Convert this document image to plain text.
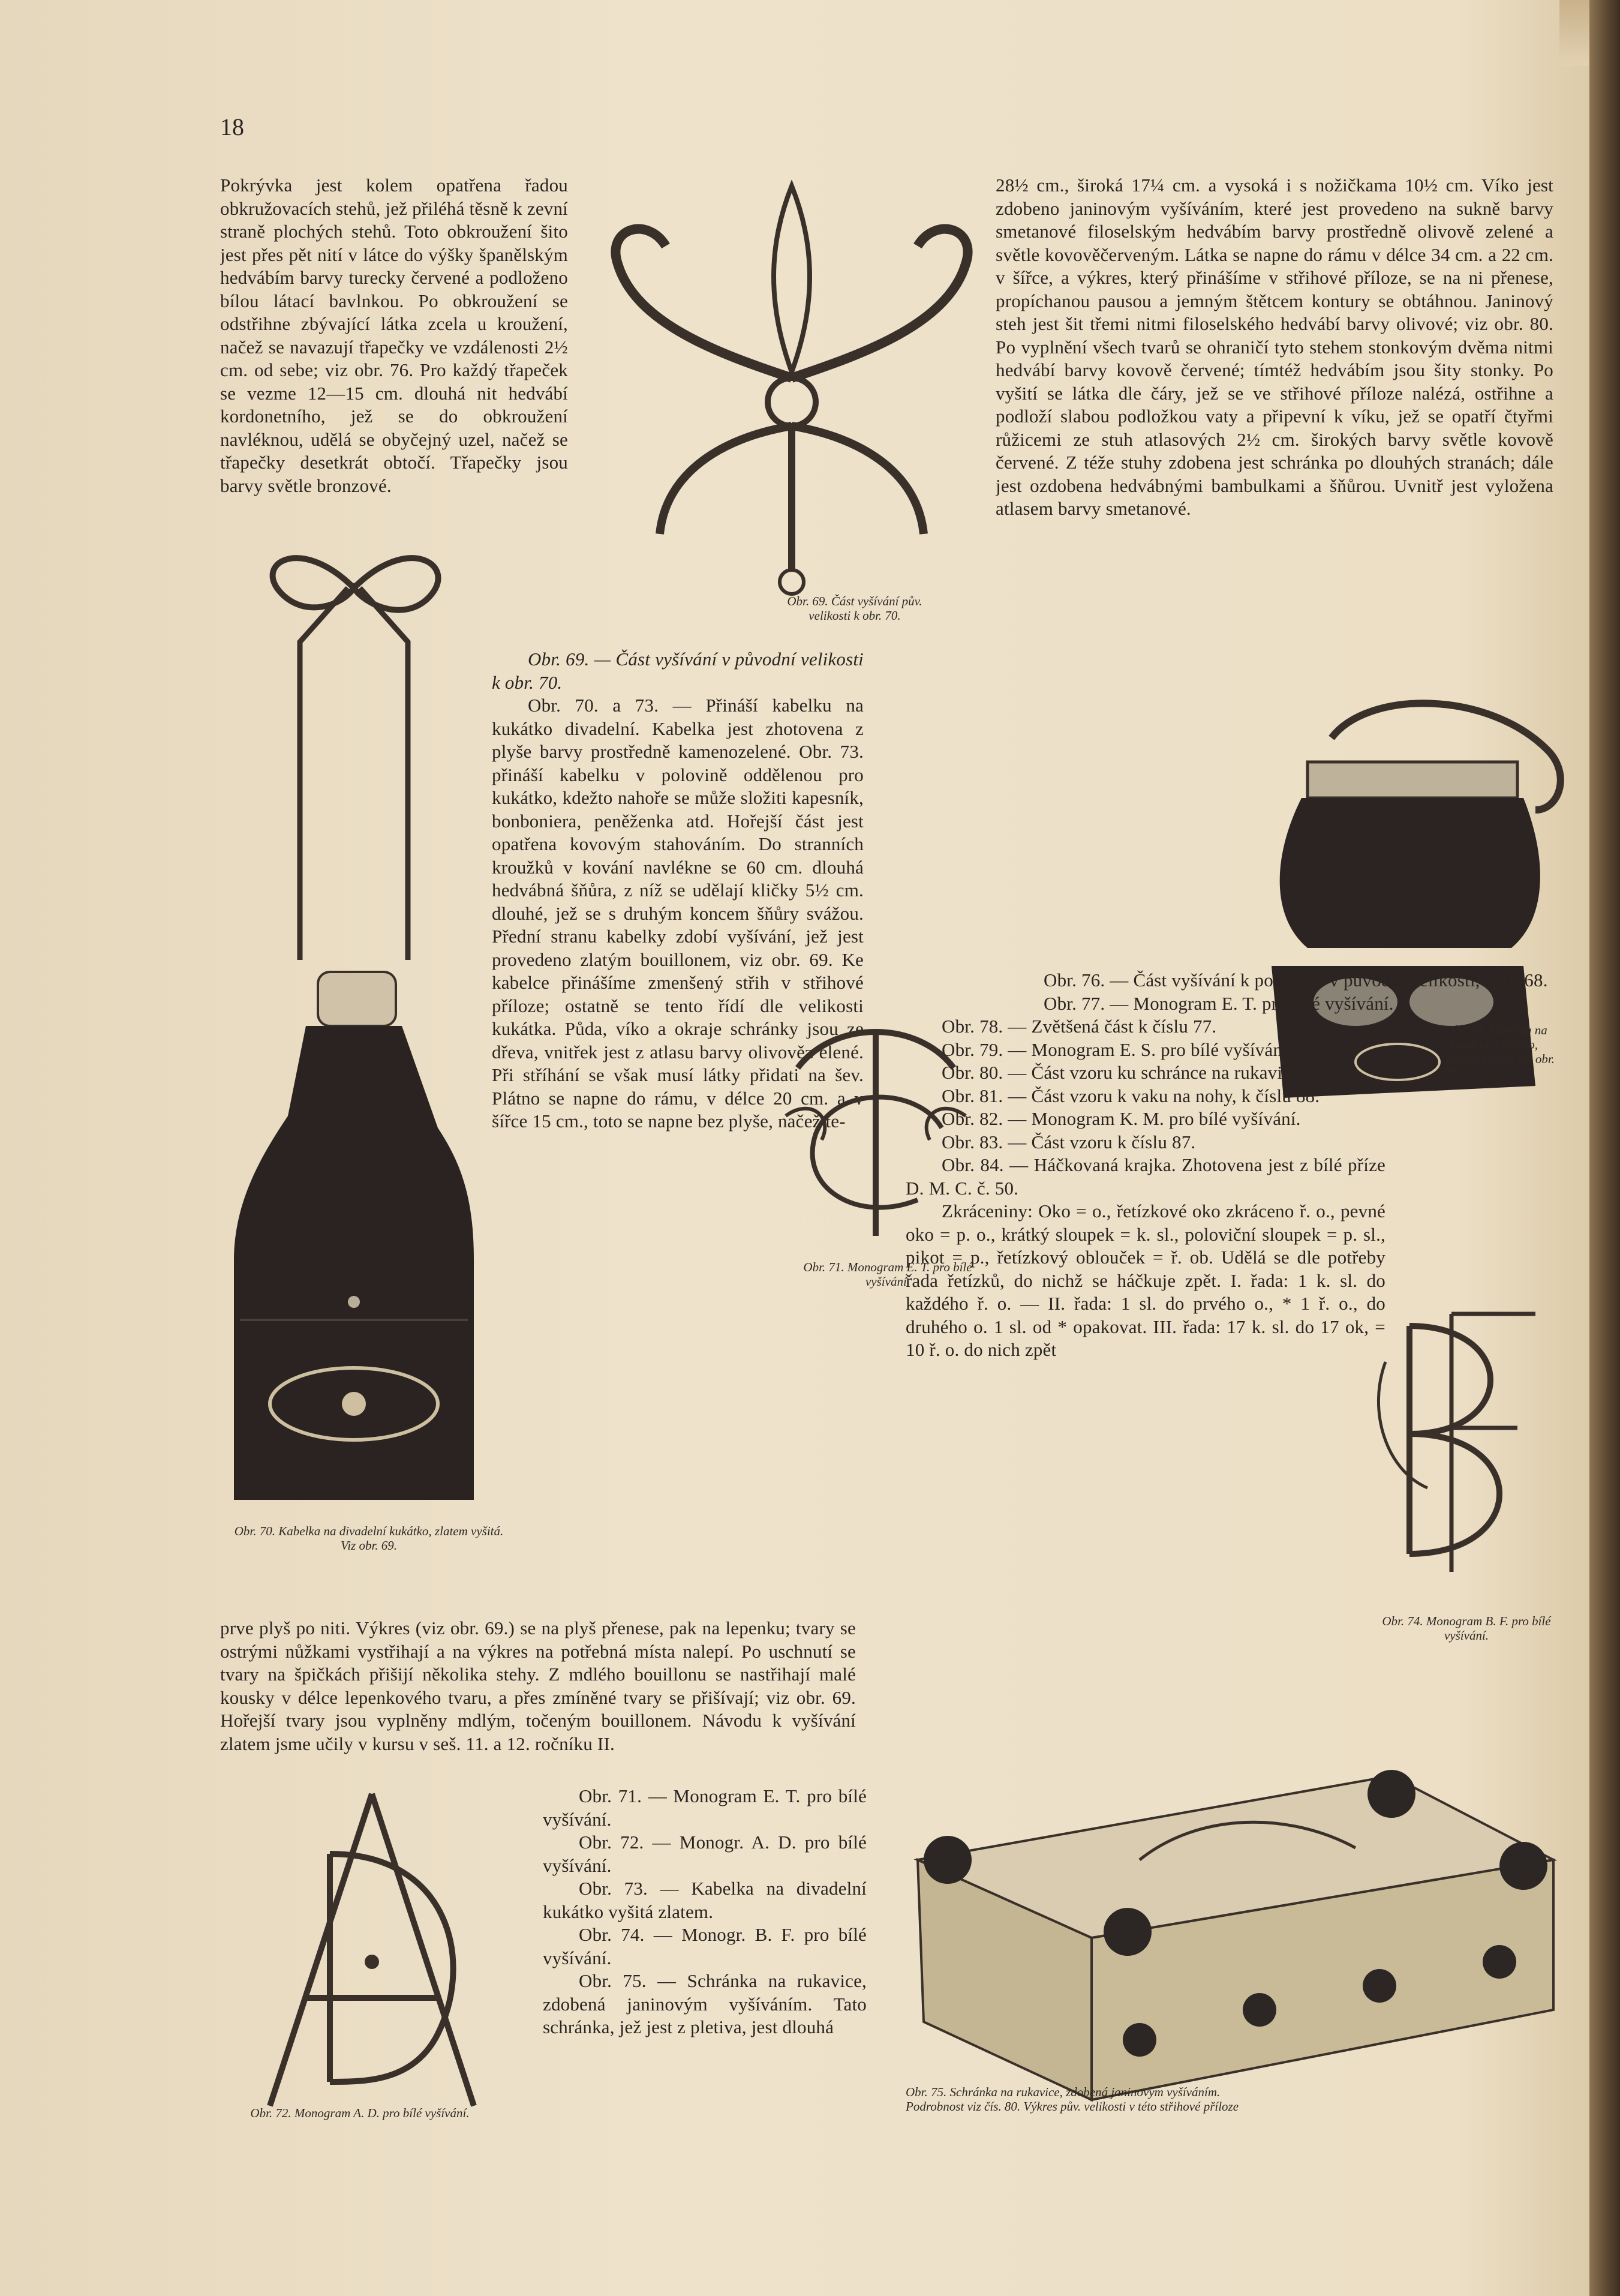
18

Pokrývka jest kolem opatřena řadou obkružovacích stehů, jež přiléhá těsně k zevní straně plochých stehů. Toto obkroužení šito jest přes pět nití v látce do výšky španělským hedvábím barvy turecky červené a podloženo bílou látací bavlnkou. Po obkroužení se odstřihne zbývající látka zcela u kroužení, načež se navazují třapečky ve vzdálenosti 2½ cm. od sebe; viz obr. 76. Pro každý třapeček se vezme 12—15 cm. dlouhá nit hedvábí kordonetního, jež se do obkroužení navléknou, udělá se obyčejný uzel, načež se třapečky desetkrát obtočí. Třapečky jsou barvy světle bronzové.

Obr. 70. Kabelka na divadelní kukátko, zlatem vyšitá. Viz obr. 69.
Obr. 69. Část vyšívání pův. velikosti k obr. 70.

Obr. 69. — Část vyšívání v původní velikosti k obr. 70.

Obr. 70. a 73. — Přináší kabelku na kukátko divadelní. Kabelka jest zhotovena z plyše barvy prostředně kamenozelené. Obr. 73. přináší kabelku v polovině oddělenou pro kukátko, kdežto nahoře se může složiti kapesník, bonboniera, peněženka atd. Hořejší část jest opatřena kovovým stahováním. Do stranních kroužků v kování navlékne se 60 cm. dlouhá hedvábná šňůra, z níž se udělají kličky 5½ cm. dlouhé, jež se s druhým koncem šňůry svážou. Přední stranu kabelky zdobí vyšívání, jež jest provedeno zlatým bouillonem, viz obr. 69. Ke kabelce přinášíme zmenšený střih v střihové příloze; ostatně se tento řídí dle velikosti kukátka. Půda, víko a okraje schránky jsou ze dřeva, vnitřek jest z atlasu barvy olivověz elené. Při stříhání se však musí látky přidati na šev. Plátno se napne do rámu, v délce 20 cm. a v šířce 15 cm., toto se napne bez plyše, načež te-

Obr. 71. Monogram E. T. pro bílé vyšívání.

prve plyš po niti. Výkres (viz obr. 69.) se na plyš přenese, pak na lepenku; tvary se ostrými nůžkami vystřihají a na výkres na potřebná místa nalepí. Po uschnutí se tvary na špičkách přišijí několika stehy. Z mdlého bouillonu se nastřihají malé kousky v délce lepenkového tvaru, a přes zmíněné tvary se přišívají; viz obr. 69. Hořejší tvary jsou vyplněny mdlým, točeným bouillonem. Návodu k vyšívání zlatem jsme učily v kursu v seš. 11. a 12. ročníku II.

Obr. 72. Monogram A. D. pro bílé vyšívání.

Obr. 71. — Monogram E. T. pro bílé vyšívání.

Obr. 72. — Monogr. A. D. pro bílé vyšívání.

Obr. 73. — Kabelka na divadelní kukátko vyšitá zlatem.

Obr. 74. — Monogr. B. F. pro bílé vyšívání.

Obr. 75. — Schránka na rukavice, zdobená janinovým vyšíváním. Tato schránka, jež jest z pletiva, jest dlouhá

28½ cm., široká 17¼ cm. a vysoká i s nožičkama 10½ cm. Víko jest zdobeno janinovým vyšíváním, které jest provedeno na sukně barvy smetanové filoselským hedvábím barvy prostředně olivově zelené a světle kovověčerveným. Látka se napne do rámu v délce 34 cm. a 22 cm. v šířce, a výkres, který přinášíme v střihové příloze, se na ni přenese, propíchanou pausou a jemným štětcem kontury se obtáhnou. Janinový steh jest šit třemi nitmi filoselského hedvábí barvy olivové; viz obr. 80. Po vyplnění všech tvarů se ohraničí tyto stehem stonkovým dvěma nitmi hedvábí barvy kovově červené; tímtéž hedvábím jsou šity stonky. Po vyšití se látka dle čáry, jež se ve střihové příloze nalézá, ostřihne a podloží slabou podložkou vaty a připevní k víku, jež se opatří čtyřmi růžicemi ze stuh atlasových 2½ cm. širokých barvy světle kovově červené. Z téže stuhy zdobena jest schránka po dlouhých stranách; dále jest ozdobena hedvábnými bambulkami a šňůrou. Uvnitř jest vyložena atlasem barvy smetanové.

Obr. 73. Kabelka na divadelní kukátko, zlatem vyšitá; viz obr. 70.

Obr. 76. — Část vyšívání k pokrývce v původní velikosti, čísla 68.

Obr. 77. — Monogram E. T. pro bílé vyšívání.

Obr. 78. — Zvětšená část k číslu 77.

Obr. 79. — Monogram E. S. pro bílé vyšívání.

Obr. 80. — Část vzoru ku schránce na rukavice, čís. 75.

Obr. 81. — Část vzoru k vaku na nohy, k číslu 88.

Obr. 82. — Monogram K. M. pro bílé vyšívání.

Obr. 83. — Část vzoru k číslu 87.

Obr. 84. — Háčkovaná krajka. Zhotovena jest z bílé příze D. M. C. č. 50.

Zkráceniny: Oko = o., řetízkové oko zkráceno ř. o., pevné oko = p. o., krátký sloupek = k. sl., poloviční sloupek = p. sl., pikot = p., řetízkový oblouček = ř. ob. Udělá se dle potřeby řada řetízků, do nichž se háčkuje zpět. I. řada: 1 k. sl. do každého ř. o. — II. řada: 1 sl. do prvého o., * 1 ř. o., do druhého o. 1 sl. od * opakovat. III. řada: 17 k. sl. do 17 ok, = 10 ř. o. do nich zpět

Obr. 74. Monogram B. F. pro bílé vyšívání.
Obr. 75. Schránka na rukavice, zdobená janinovým vyšíváním. Podrobnost viz čís. 80. Výkres pův. velikosti v této střihové příloze
